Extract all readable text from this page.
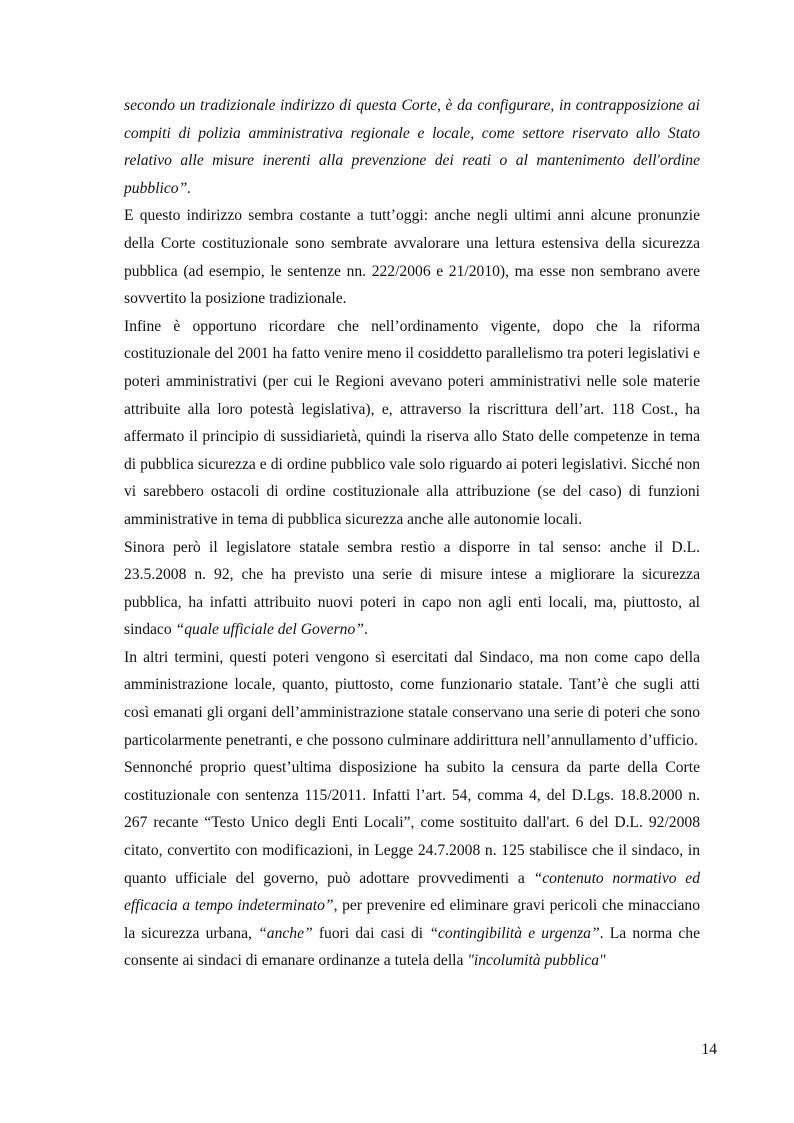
secondo un tradizionale indirizzo di questa Corte, è da configurare, in contrapposizione ai compiti di polizia amministrativa regionale e locale, come settore riservato allo Stato relativo alle misure inerenti alla prevenzione dei reati o al mantenimento dell'ordine pubblico”.

E questo indirizzo sembra costante a tutt’oggi: anche negli ultimi anni alcune pronunzie della Corte costituzionale sono sembrate avvalorare una lettura estensiva della sicurezza pubblica (ad esempio, le sentenze nn. 222/2006 e 21/2010), ma esse non sembrano avere sovvertito la posizione tradizionale.

Infine è opportuno ricordare che nell’ordinamento vigente, dopo che la riforma costituzionale del 2001 ha fatto venire meno il cosiddetto parallelismo tra poteri legislativi e poteri amministrativi (per cui le Regioni avevano poteri amministrativi nelle sole materie attribuite alla loro potestà legislativa), e, attraverso la riscrittura dell’art. 118 Cost., ha affermato il principio di sussidiarietà, quindi la riserva allo Stato delle competenze in tema di pubblica sicurezza e di ordine pubblico vale solo riguardo ai poteri legislativi. Sicché non vi sarebbero ostacoli di ordine costituzionale alla attribuzione (se del caso) di funzioni amministrative in tema di pubblica sicurezza anche alle autonomie locali.

Sinora però il legislatore statale sembra restìo a disporre in tal senso: anche il D.L. 23.5.2008 n. 92, che ha previsto una serie di misure intese a migliorare la sicurezza pubblica, ha infatti attribuito nuovi poteri in capo non agli enti locali, ma, piuttosto, al sindaco “quale ufficiale del Governo”.

In altri termini, questi poteri vengono sì esercitati dal Sindaco, ma non come capo della amministrazione locale, quanto, piuttosto, come funzionario statale. Tant’è che sugli atti così emanati gli organi dell’amministrazione statale conservano una serie di poteri che sono particolarmente penetranti, e che possono culminare addirittura nell’annullamento d’ufficio.

Sennonché proprio quest’ultima disposizione ha subito la censura da parte della Corte costituzionale con sentenza 115/2011. Infatti l’art. 54, comma 4, del D.Lgs. 18.8.2000 n. 267 recante “Testo Unico degli Enti Locali”, come sostituito dall'art. 6 del D.L. 92/2008 citato, convertito con modificazioni, in Legge 24.7.2008 n. 125 stabilisce che il sindaco, in quanto ufficiale del governo, può adottare provvedimenti a “contenuto normativo ed efficacia a tempo indeterminato”, per prevenire ed eliminare gravi pericoli che minacciano la sicurezza urbana, “anche” fuori dai casi di “contingibilità e urgenza”. La norma che consente ai sindaci di emanare ordinanze a tutela della "incolumità pubblica"

14
